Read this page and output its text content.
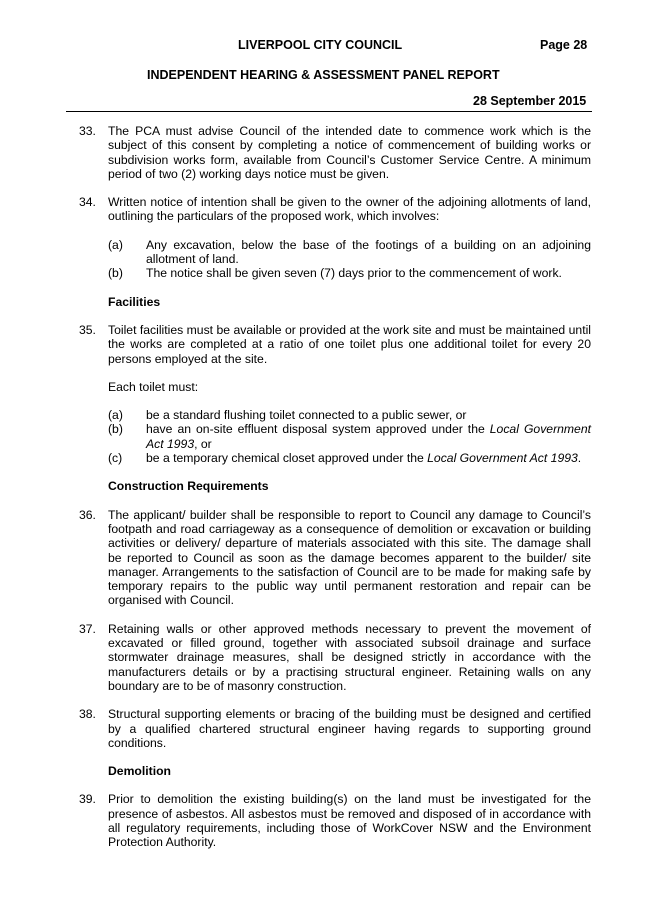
LIVERPOOL CITY COUNCIL	Page 28
INDEPENDENT HEARING & ASSESSMENT PANEL REPORT
28 September 2015
33. The PCA must advise Council of the intended date to commence work which is the subject of this consent by completing a notice of commencement of building works or subdivision works form, available from Council’s Customer Service Centre. A minimum period of two (2) working days notice must be given.
34. Written notice of intention shall be given to the owner of the adjoining allotments of land, outlining the particulars of the proposed work, which involves:
(a) Any excavation, below the base of the footings of a building on an adjoining allotment of land.
(b) The notice shall be given seven (7) days prior to the commencement of work.
Facilities
35. Toilet facilities must be available or provided at the work site and must be maintained until the works are completed at a ratio of one toilet plus one additional toilet for every 20 persons employed at the site.
Each toilet must:
(a) be a standard flushing toilet connected to a public sewer, or
(b) have an on-site effluent disposal system approved under the Local Government Act 1993, or
(c) be a temporary chemical closet approved under the Local Government Act 1993.
Construction Requirements
36. The applicant/ builder shall be responsible to report to Council any damage to Council’s footpath and road carriageway as a consequence of demolition or excavation or building activities or delivery/ departure of materials associated with this site. The damage shall be reported to Council as soon as the damage becomes apparent to the builder/ site manager. Arrangements to the satisfaction of Council are to be made for making safe by temporary repairs to the public way until permanent restoration and repair can be organised with Council.
37. Retaining walls or other approved methods necessary to prevent the movement of excavated or filled ground, together with associated subsoil drainage and surface stormwater drainage measures, shall be designed strictly in accordance with the manufacturers details or by a practising structural engineer. Retaining walls on any boundary are to be of masonry construction.
38. Structural supporting elements or bracing of the building must be designed and certified by a qualified chartered structural engineer having regards to supporting ground conditions.
Demolition
39. Prior to demolition the existing building(s) on the land must be investigated for the presence of asbestos. All asbestos must be removed and disposed of in accordance with all regulatory requirements, including those of WorkCover NSW and the Environment Protection Authority.
